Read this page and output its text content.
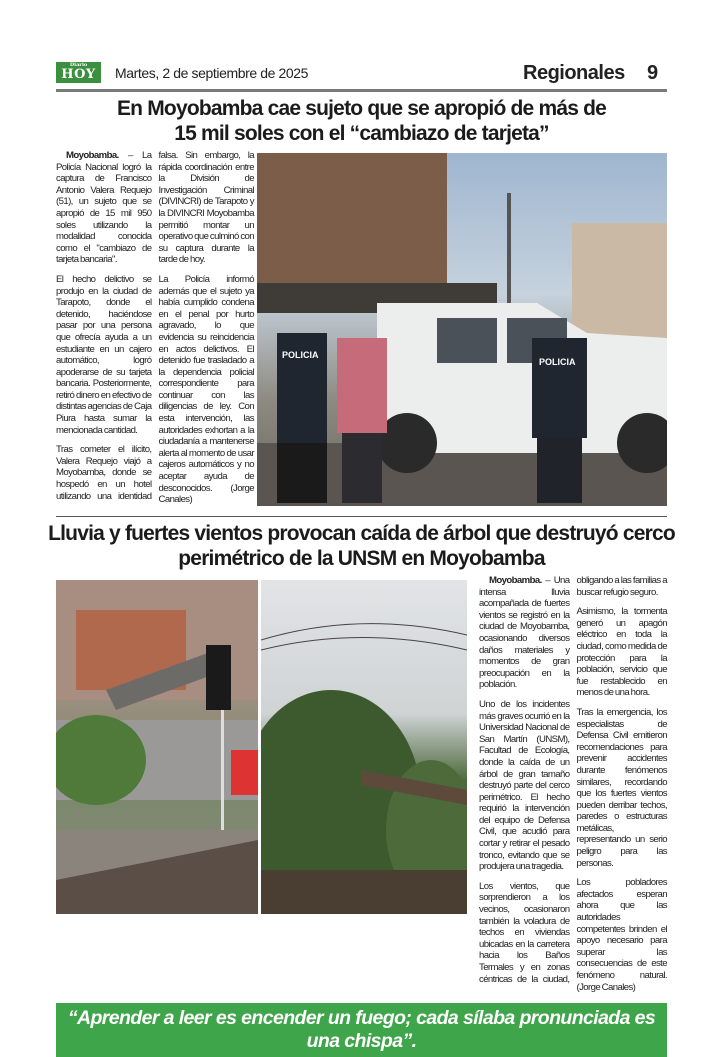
Diario
HOY	Martes, 2 de septiembre de 2025	Regionales 9
En Moyobamba cae sujeto que se apropió de más de
15 mil soles con el “cambiazo de tarjeta”

Moyobamba. – La Policía Nacional logró la captura de Francisco Antonio Valera Requejo (51), un sujeto que se apropió de 15 mil 950 soles utilizando la modalidad conocida como el "cambiazo de tarjeta bancaria".

El hecho delictivo se produjo en la ciudad de Tarapoto, donde el detenido, haciéndose pasar por una persona que ofrecía ayuda a un estudiante en un cajero automático, logró apoderarse de su tarjeta bancaria. Posteriormente, retiró dinero en efectivo de distintas agencias de Caja Piura hasta sumar la mencionada cantidad.

Tras cometer el ilícito, Valera Requejo viajó a Moyobamba, donde se hospedó en un hotel utilizando una identidad falsa. Sin embargo, la rápida coordinación entre la División de Investigación Criminal (DIVINCRI) de Tarapoto y la DIVINCRI Moyobamba permitió montar un operativo que culminó con su captura durante la tarde de hoy.

La Policía informó además que el sujeto ya había cumplido condena en el penal por hurto agravado, lo que evidencia su reincidencia en actos delictivos. El detenido fue trasladado a la dependencia policial correspondiente para continuar con las diligencias de ley. Con esta intervención, las autoridades exhortan a la ciudadanía a mantenerse alerta al momento de usar cajeros automáticos y no aceptar ayuda de desconocidos. (Jorge Canales)

POLICIA
POLICIA
Lluvia y fuertes vientos provocan caída de árbol que destruyó cerco
perimétrico de la UNSM en Moyobamba

Moyobamba. – Una intensa lluvia acompañada de fuertes vientos se registró en la ciudad de Moyobamba, ocasionando diversos daños materiales y momentos de gran preocupación en la población.

Uno de los incidentes más graves ocurrió en la Universidad Nacional de San Martín (UNSM), Facultad de Ecología, donde la caída de un árbol de gran tamaño destruyó parte del cerco perimétrico. El hecho requirió la intervención del equipo de Defensa Civil, que acudió para cortar y retirar el pesado tronco, evitando que se produjera una tragedia.

Los vientos, que sorprendieron a los vecinos, ocasionaron también la voladura de techos en viviendas ubicadas en la carretera hacia los Baños Termales y en zonas céntricas de la ciudad, obligando a las familias a buscar refugio seguro.

Asimismo, la tormenta generó un apagón eléctrico en toda la ciudad, como medida de protección para la población, servicio que fue restablecido en menos de una hora.

Tras la emergencia, los especialistas de Defensa Civil emitieron recomendaciones para prevenir accidentes durante fenómenos similares, recordando que los fuertes vientos pueden derribar techos, paredes o estructuras metálicas, representando un serio peligro para las personas.

Los pobladores afectados esperan ahora que las autoridades competentes brinden el apoyo necesario para superar las consecuencias de este fenómeno natural. (Jorge Canales)

“Aprender a leer es encender un fuego; cada sílaba pronunciada es una chispa”.
